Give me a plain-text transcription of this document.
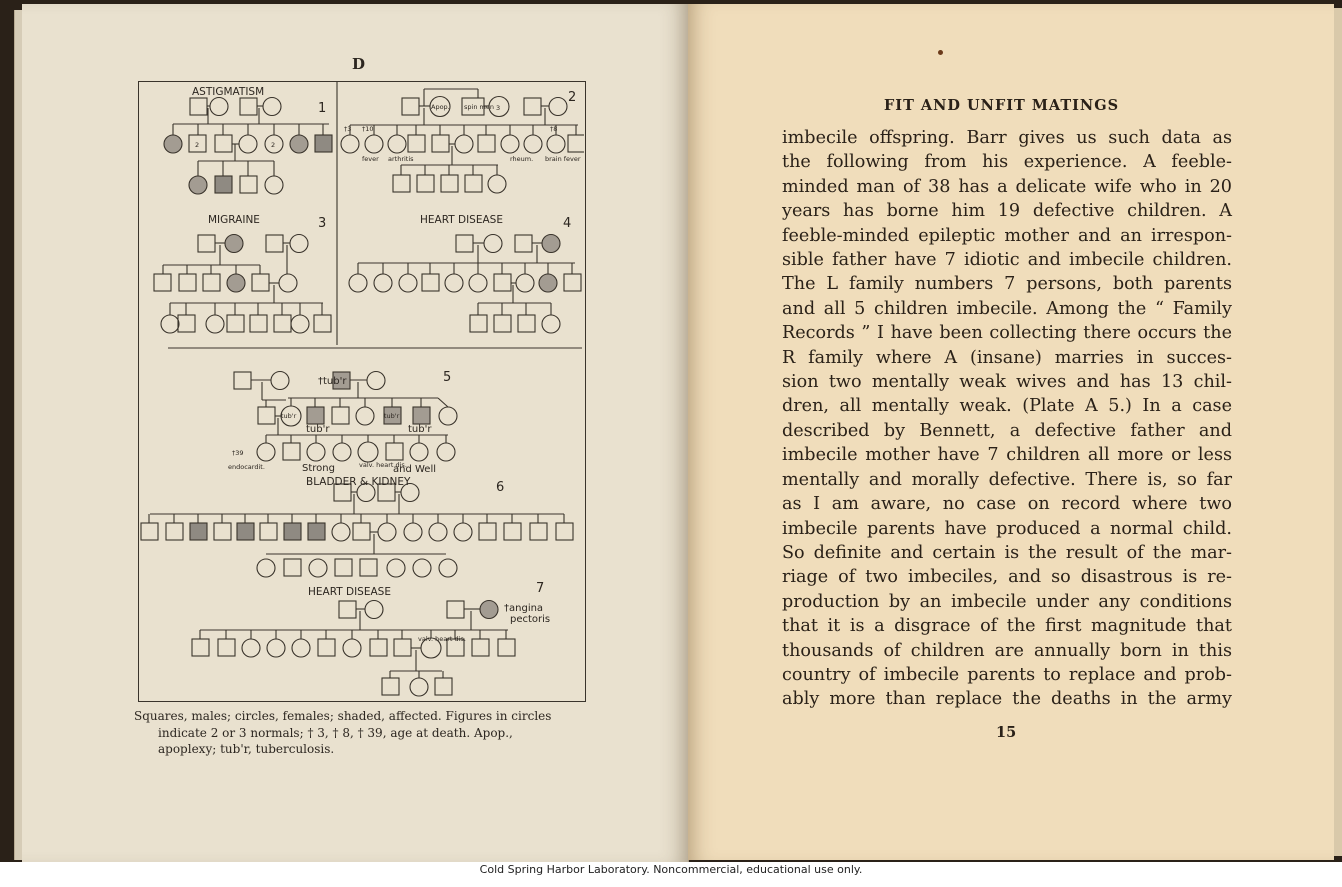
D
ASTIGMATISM
1
2
MIGRAINE	3	HEART DISEASE	4
5
BLADDER & KIDNEY	6
HEART DISEASE	7
Apop. spin men 3
2	2
†10
†3	†8
fever arthritis	rheum. brain fever
†tub'r
tub'r
tub'r
tub'r
tub'r
†39
endocardit.	Strong	valv. heart dis.
and Well
†angina
pectoris
valv. heart dis.
Squares, males; circles, females; shaded, affected. Figures in circles
indicate 2 or 3 normals; † 3, † 8, † 39, age at death. Apop.,
apoplexy; tub'r, tuberculosis.
FIT AND UNFIT MATINGS
imbecile offspring. Barr gives us such data as
the following from his experience. A feeble-
minded man of 38 has a delicate wife who in 20
years has borne him 19 defective children. A
feeble-minded epileptic mother and an irrespon-
sible father have 7 idiotic and imbecile children.
The L family numbers 7 persons, both parents
and all 5 children imbecile. Among the “ Family
Records ” I have been collecting there occurs the
R family where A (insane) marries in succes-
sion two mentally weak wives and has 13 chil-
dren, all mentally weak. (Plate A 5.) In a case
described by Bennett, a defective father and
imbecile mother have 7 children all more or less
mentally and morally defective. There is, so far
as I am aware, no case on record where two
imbecile parents have produced a normal child.
So definite and certain is the result of the mar-
riage of two imbeciles, and so disastrous is re-
production by an imbecile under any conditions
that it is a disgrace of the first magnitude that
thousands of children are annually born in this
country of imbecile parents to replace and prob-
ably more than replace the deaths in the army
15
Cold Spring Harbor Laboratory. Noncommercial, educational use only.
